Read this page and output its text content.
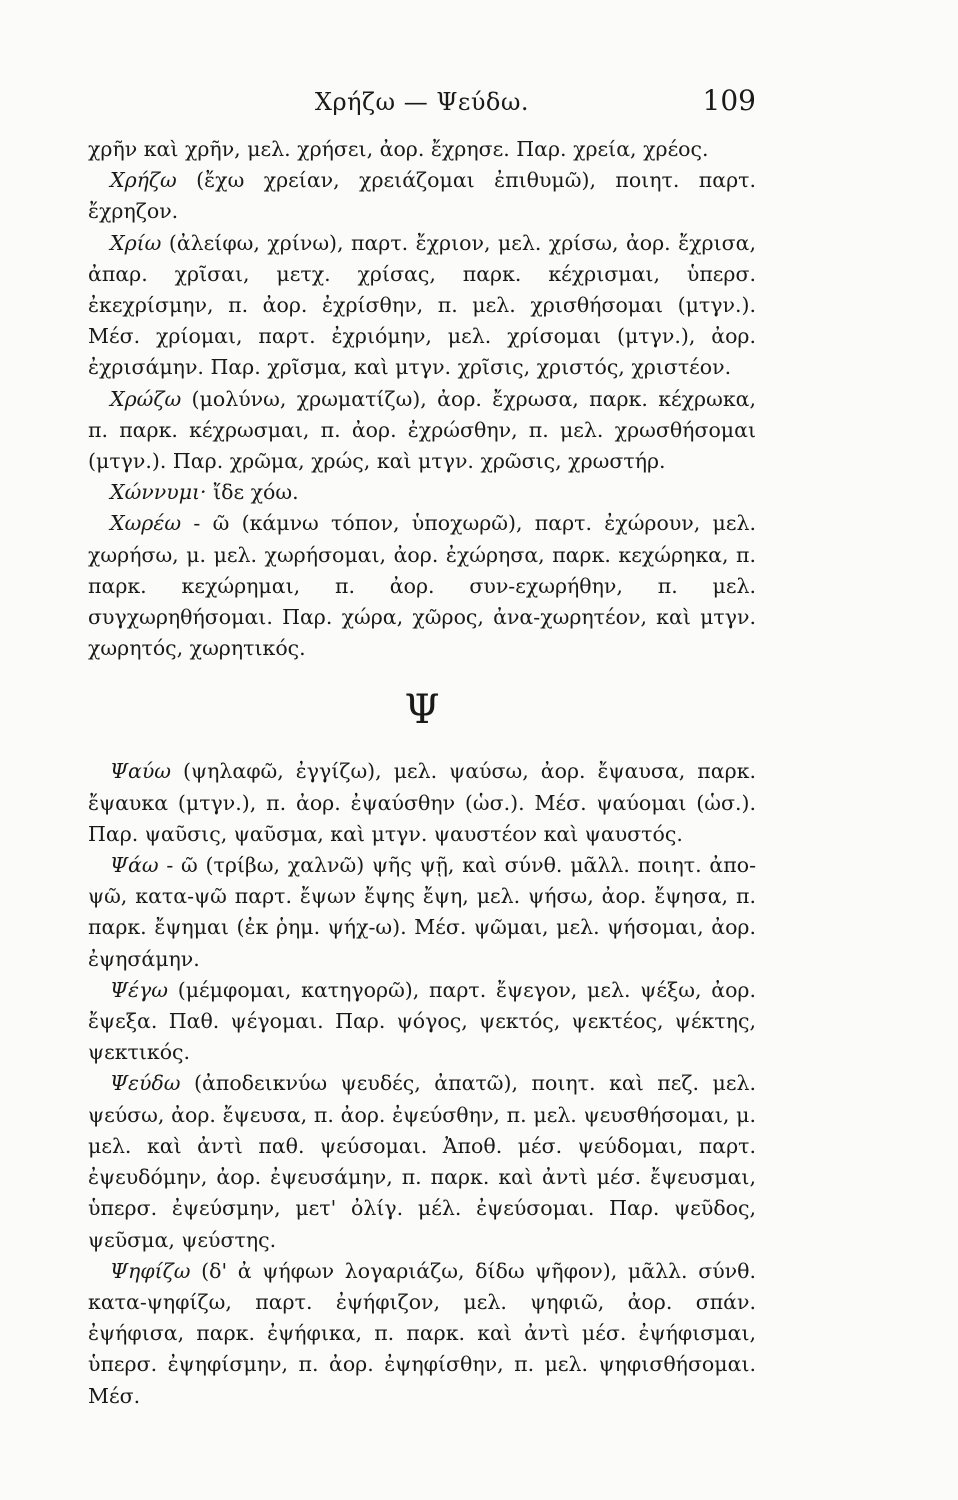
Χρήζω — Ψεύδω.	109

χρῆν καὶ χρῆν, μελ. χρήσει, ἀορ. ἔχρησε. Παρ. χρεία, χρέος.

Χρήζω (ἔχω χρείαν, χρειάζομαι ἐπιθυμῶ), ποιητ. παρτ. ἔχρηζον.

Χρίω (ἀλείφω, χρίνω), παρτ. ἔχριον, μελ. χρίσω, ἀορ. ἔχρισα, ἀπαρ. χρῖσαι, μετχ. χρίσας, παρκ. κέχρισμαι, ὑπερσ. ἐκεχρίσμην, π. ἀορ. ἐχρίσθην, π. μελ. χρισθήσομαι (μτγν.). Μέσ. χρίομαι, παρτ. ἐχριόμην, μελ. χρίσομαι (μτγν.), ἀορ. ἐχρισάμην. Παρ. χρῖσμα, καὶ μτγν. χρῖσις, χριστός, χριστέον.

Χρώζω (μολύνω, χρωματίζω), ἀορ. ἔχρωσα, παρκ. κέχρωκα, π. παρκ. κέχρωσμαι, π. ἀορ. ἐχρώσθην, π. μελ. χρωσθήσομαι (μτγν.). Παρ. χρῶμα, χρώς, καὶ μτγν. χρῶσις, χρωστήρ.

Χώννυμι· ἴδε χόω.

Χωρέω - ῶ (κάμνω τόπον, ὑποχωρῶ), παρτ. ἐχώρουν, μελ. χωρήσω, μ. μελ. χωρήσομαι, ἀορ. ἐχώρησα, παρκ. κεχώρηκα, π. παρκ. κεχώρημαι, π. ἀορ. συν-εχωρήθην, π. μελ. συγχωρηθήσομαι. Παρ. χώρα, χῶρος, ἀνα-χωρητέον, καὶ μτγν. χωρητός, χωρητικός.

Ψ

Ψαύω (ψηλαφῶ, ἐγγίζω), μελ. ψαύσω, ἀορ. ἔψαυσα, παρκ. ἔψαυκα (μτγν.), π. ἀορ. ἐψαύσθην (ὡσ.). Μέσ. ψαύομαι (ὡσ.). Παρ. ψαῦσις, ψαῦσμα, καὶ μτγν. ψαυστέον καὶ ψαυστός.

Ψάω - ῶ (τρίβω, χαλνῶ) ψῆς ψῇ, καὶ σύνθ. μᾶλλ. ποιητ. ἀπο-ψῶ, κατα-ψῶ παρτ. ἔψων ἔψης ἔψη, μελ. ψήσω, ἀορ. ἔψησα, π. παρκ. ἔψημαι (ἐκ ῥημ. ψήχ-ω). Μέσ. ψῶμαι, μελ. ψήσομαι, ἀορ. ἐψησάμην.

Ψέγω (μέμφομαι, κατηγορῶ), παρτ. ἔψεγον, μελ. ψέξω, ἀορ. ἔψεξα. Παθ. ψέγομαι. Παρ. ψόγος, ψεκτός, ψεκτέος, ψέκτης, ψεκτικός.

Ψεύδω (ἀποδεικνύω ψευδές, ἀπατῶ), ποιητ. καὶ πεζ. μελ. ψεύσω, ἀορ. ἔψευσα, π. ἀορ. ἐψεύσθην, π. μελ. ψευσθήσομαι, μ. μελ. καὶ ἀντὶ παθ. ψεύσομαι. Ἀποθ. μέσ. ψεύδομαι, παρτ. ἐψευδόμην, ἀορ. ἐψευσάμην, π. παρκ. καὶ ἀντὶ μέσ. ἔψευσμαι, ὑπερσ. ἐψεύσμην, μετ' ὀλίγ. μέλ. ἐψεύσομαι. Παρ. ψεῦδος, ψεῦσμα, ψεύστης.

Ψηφίζω (δ' ἀ ψήφων λογαριάζω, δίδω ψῆφον), μᾶλλ. σύνθ. κατα-ψηφίζω, παρτ. ἐψήφιζον, μελ. ψηφιῶ, ἀορ. σπάν. ἐψήφισα, παρκ. ἐψήφικα, π. παρκ. καὶ ἀντὶ μέσ. ἐψήφισμαι, ὑπερσ. ἐψηφίσμην, π. ἀορ. ἐψηφίσθην, π. μελ. ψηφισθήσομαι. Μέσ.
